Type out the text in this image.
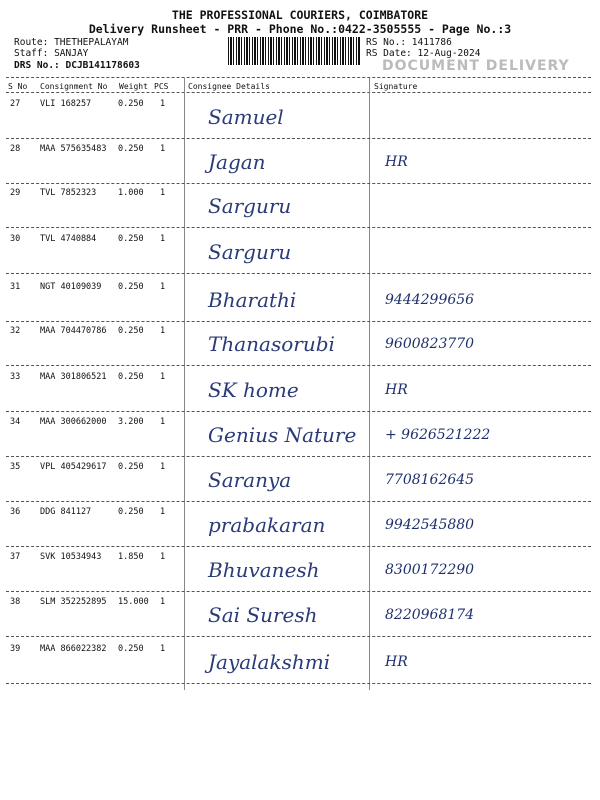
THE PROFESSIONAL COURIERS, COIMBATORE
Delivery Runsheet - PRR - Phone No.:0422-3505555 - Page No.:3
Route: THETHEPALAYAM
Staff: SANJAY
DRS No.: DCJB141178603
RS No.: 1411786
RS Date: 12-Aug-2024
DOCUMENT DELIVERY
S No Consignment No Weight PCS Consignee Details	Signature
27 VLI 168257	0.250 1
Samuel
28 MAA 575635483 0.250 1
Jagan	HR
29 TVL 7852323	1.000 1
Sarguru
30 TVL 4740884	0.250 1
Sarguru
31 NGT 40109039 0.250 1
Bharathi	9444299656
32 MAA 704470786 0.250 1
Thanasorubi	9600823770
33 MAA 301806521 0.250 1
SK home	HR
34 MAA 300662000 3.200 1
Genius Nature + 9626521222
35 VPL 405429617 0.250 1
Saranya	7708162645
36 DDG 841127	0.250 1
prabakaran	9942545880
37 SVK 10534943 1.850 1
Bhuvanesh	8300172290
38 SLM 352252895 15.000 1
Sai Suresh	8220968174
39 MAA 866022382 0.250 1
Jayalakshmi	HR
